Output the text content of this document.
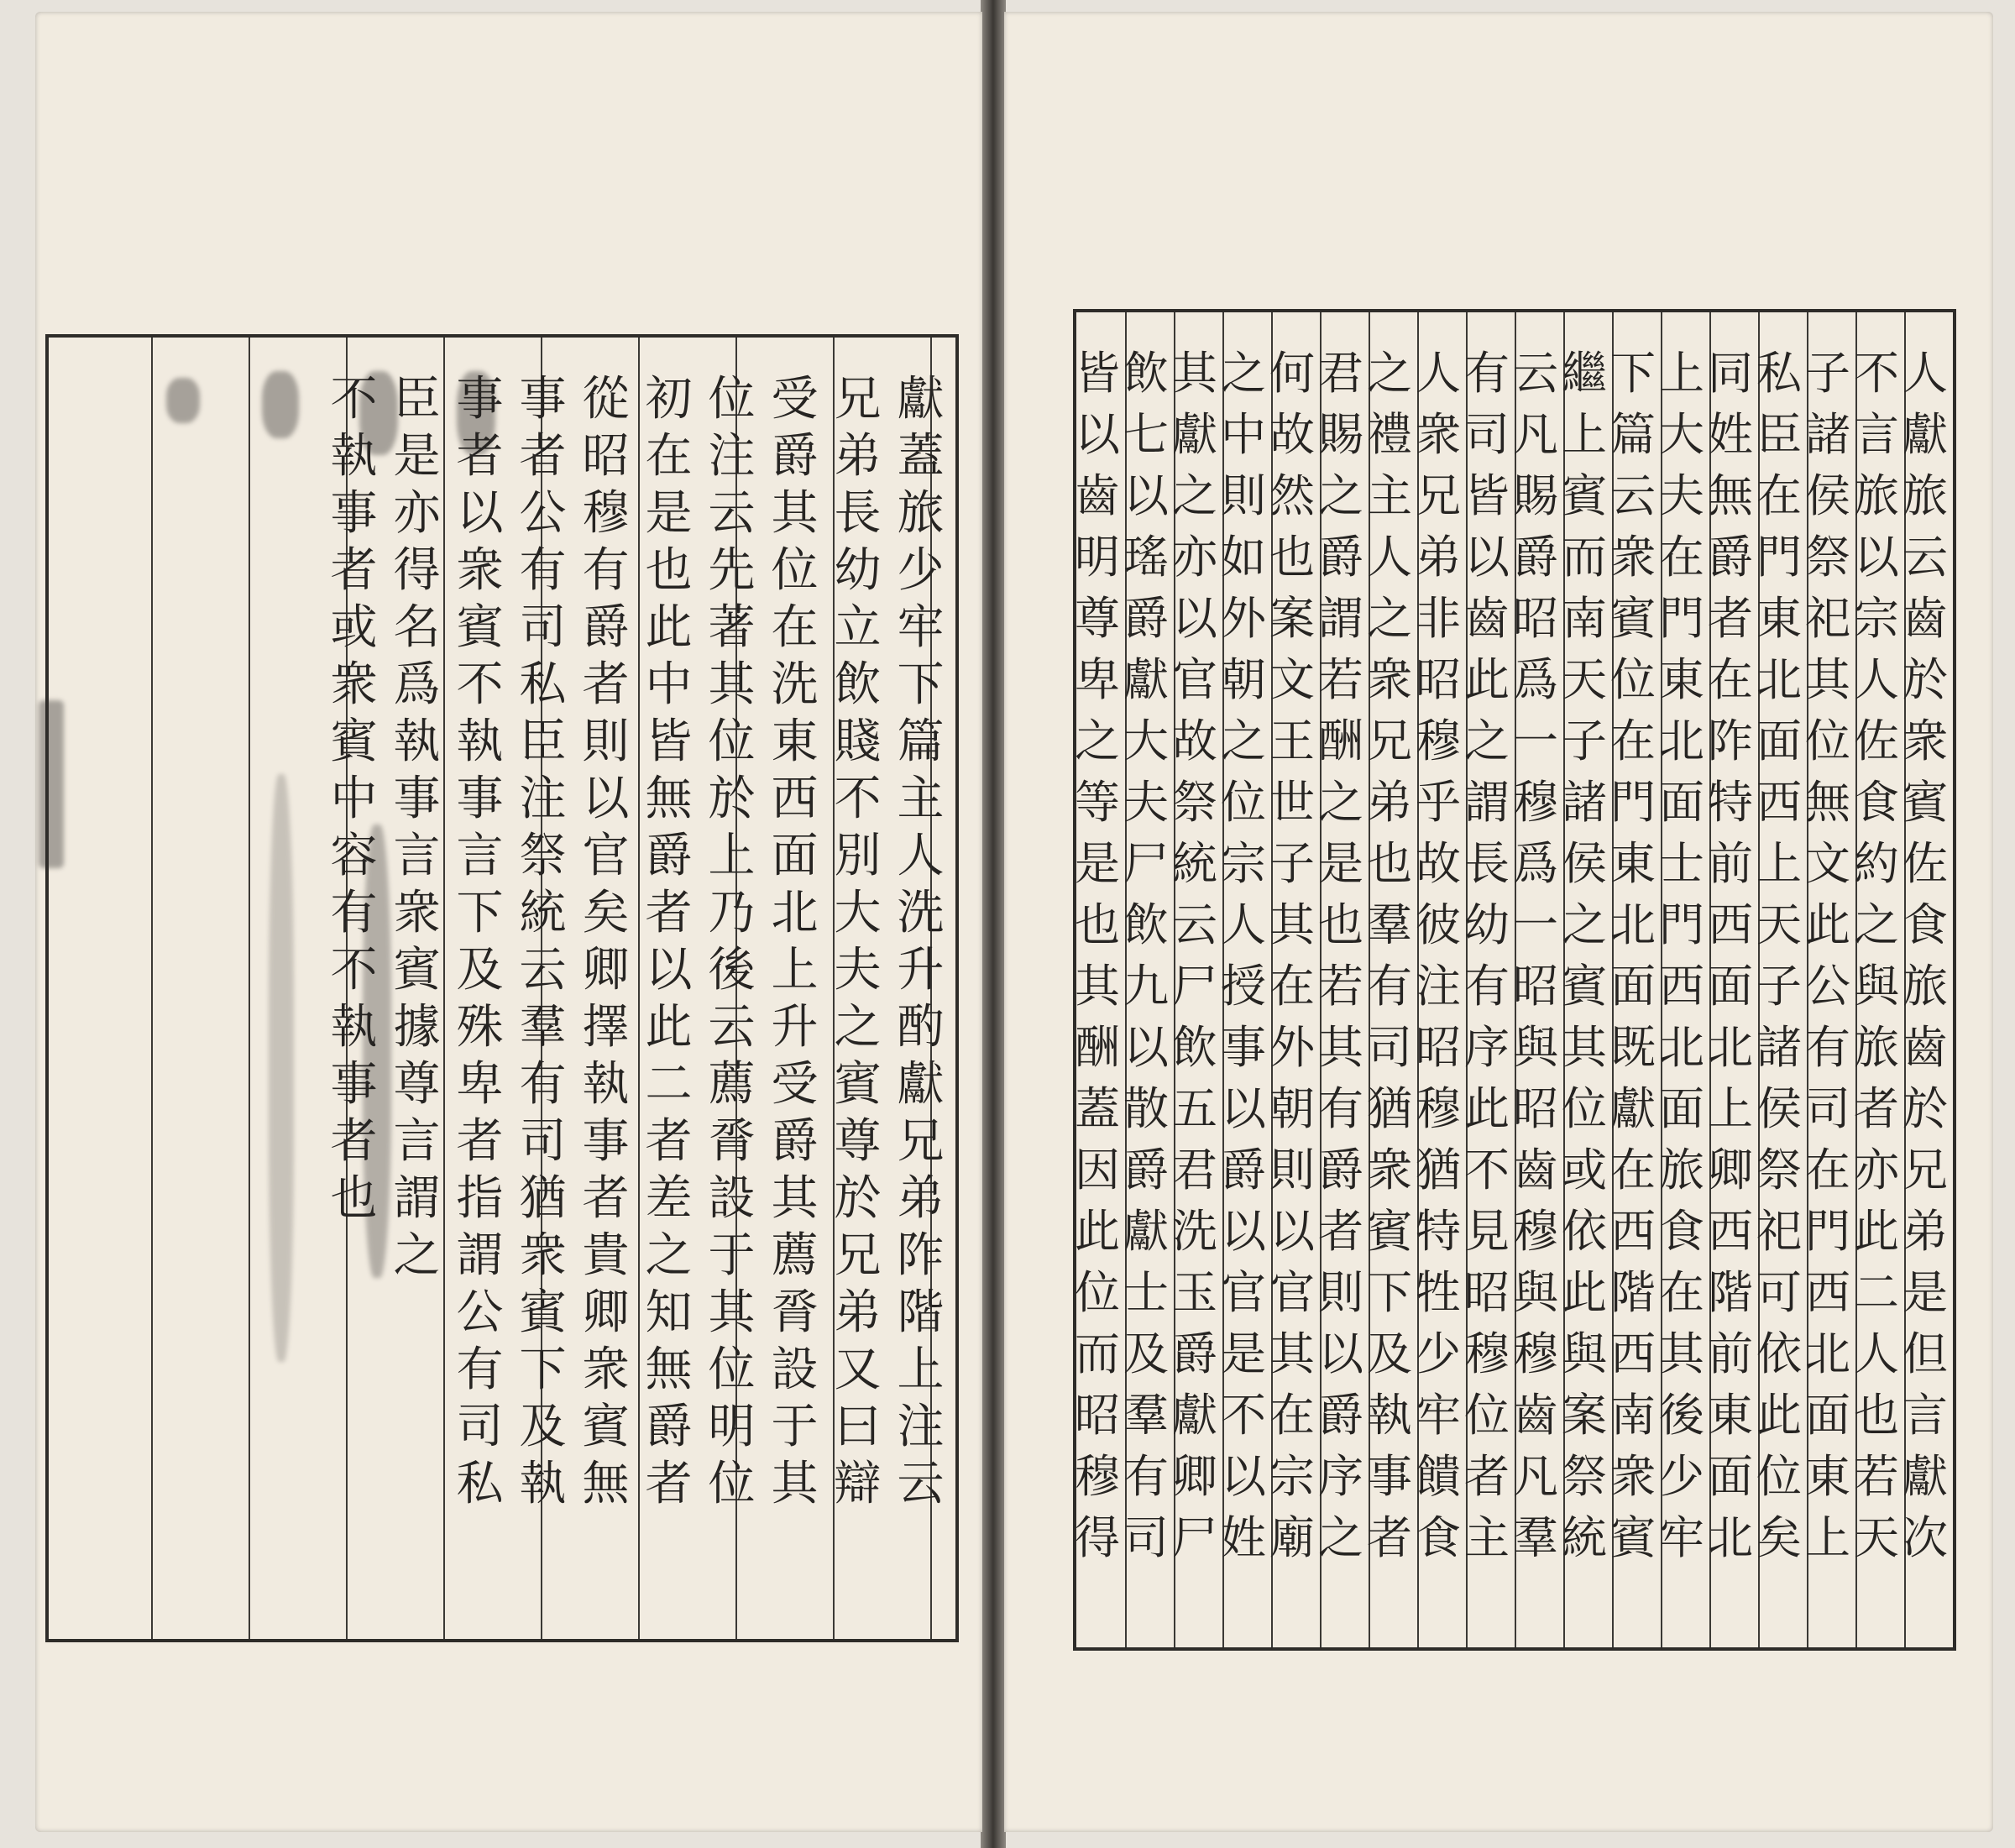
獻
蓋
旅
少
牢
下
篇
主
人
洗
升
酌
獻
兄
弟
阼
階
上
注
云
兄
弟
長
幼
立
飲
賤
不
別
大
夫
之
賓
尊
於
兄
弟
又
曰
辯
受
爵
其
位
在
洗
東
西
面
北
上
升
受
爵
其
薦
脀
設
于
其
位
注
云
先
著
其
位
於
上
乃
後
云
薦
脀
設
于
其
位
明
位
初
在
是
也
此
中
皆
無
爵
者
以
此
二
者
差
之
知
無
爵
者
從
昭
穆
有
爵
者
則
以
官
矣
卿
擇
執
事
者
貴
卿
衆
賓
無
事
者
公
有
司
私
臣
注
祭
統
云
羣
有
司
猶
衆
賓
下
及
執
事
者
以
衆
賓
不
執
事
言
下
及
殊
卑
者
指
謂
公
有
司
私
臣
是
亦
得
名
爲
執
事
言
衆
賓
據
尊
言
謂
之
不
執
事
者
或
衆
賓
中
容
有
不
執
事
者
也
人
獻
旅
云
齒
於
衆
賓
佐
食
旅
齒
於
兄
弟
是
但
言
獻
次
不
言
旅
以
宗
人
佐
食
約
之
與
旅
者
亦
此
二
人
也
若
天
子
諸
侯
祭
祀
其
位
無
文
此
公
有
司
在
門
西
北
面
東
上
私
臣
在
門
東
北
面
西
上
天
子
諸
侯
祭
祀
可
依
此
位
矣
同
姓
無
爵
者
在
阼
特
前
西
面
北
上
卿
西
階
前
東
面
北
上
大
夫
在
門
東
北
面
士
門
西
北
面
旅
食
在
其
後
少
牢
下
篇
云
衆
賓
位
在
門
東
北
面
既
獻
在
西
階
西
南
衆
賓
繼
上
賓
而
南
天
子
諸
侯
之
賓
其
位
或
依
此
與
案
祭
統
云
凡
賜
爵
昭
爲
一
穆
爲
一
昭
與
昭
齒
穆
與
穆
齒
凡
羣
有
司
皆
以
齒
此
之
謂
長
幼
有
序
此
不
見
昭
穆
位
者
主
人
衆
兄
弟
非
昭
穆
乎
故
彼
注
昭
穆
猶
特
牲
少
牢
饋
食
之
禮
主
人
之
衆
兄
弟
也
羣
有
司
猶
衆
賓
下
及
執
事
者
君
賜
之
爵
謂
若
酬
之
是
也
若
其
有
爵
者
則
以
爵
序
之
何
故
然
也
案
文
王
世
子
其
在
外
朝
則
以
官
其
在
宗
廟
之
中
則
如
外
朝
之
位
宗
人
授
事
以
爵
以
官
是
不
以
姓
其
獻
之
亦
以
官
故
祭
統
云
尸
飲
五
君
洗
玉
爵
獻
卿
尸
飲
七
以
瑤
爵
獻
大
夫
尸
飲
九
以
散
爵
獻
士
及
羣
有
司
皆
以
齒
明
尊
卑
之
等
是
也
其
酬
蓋
因
此
位
而
昭
穆
得
